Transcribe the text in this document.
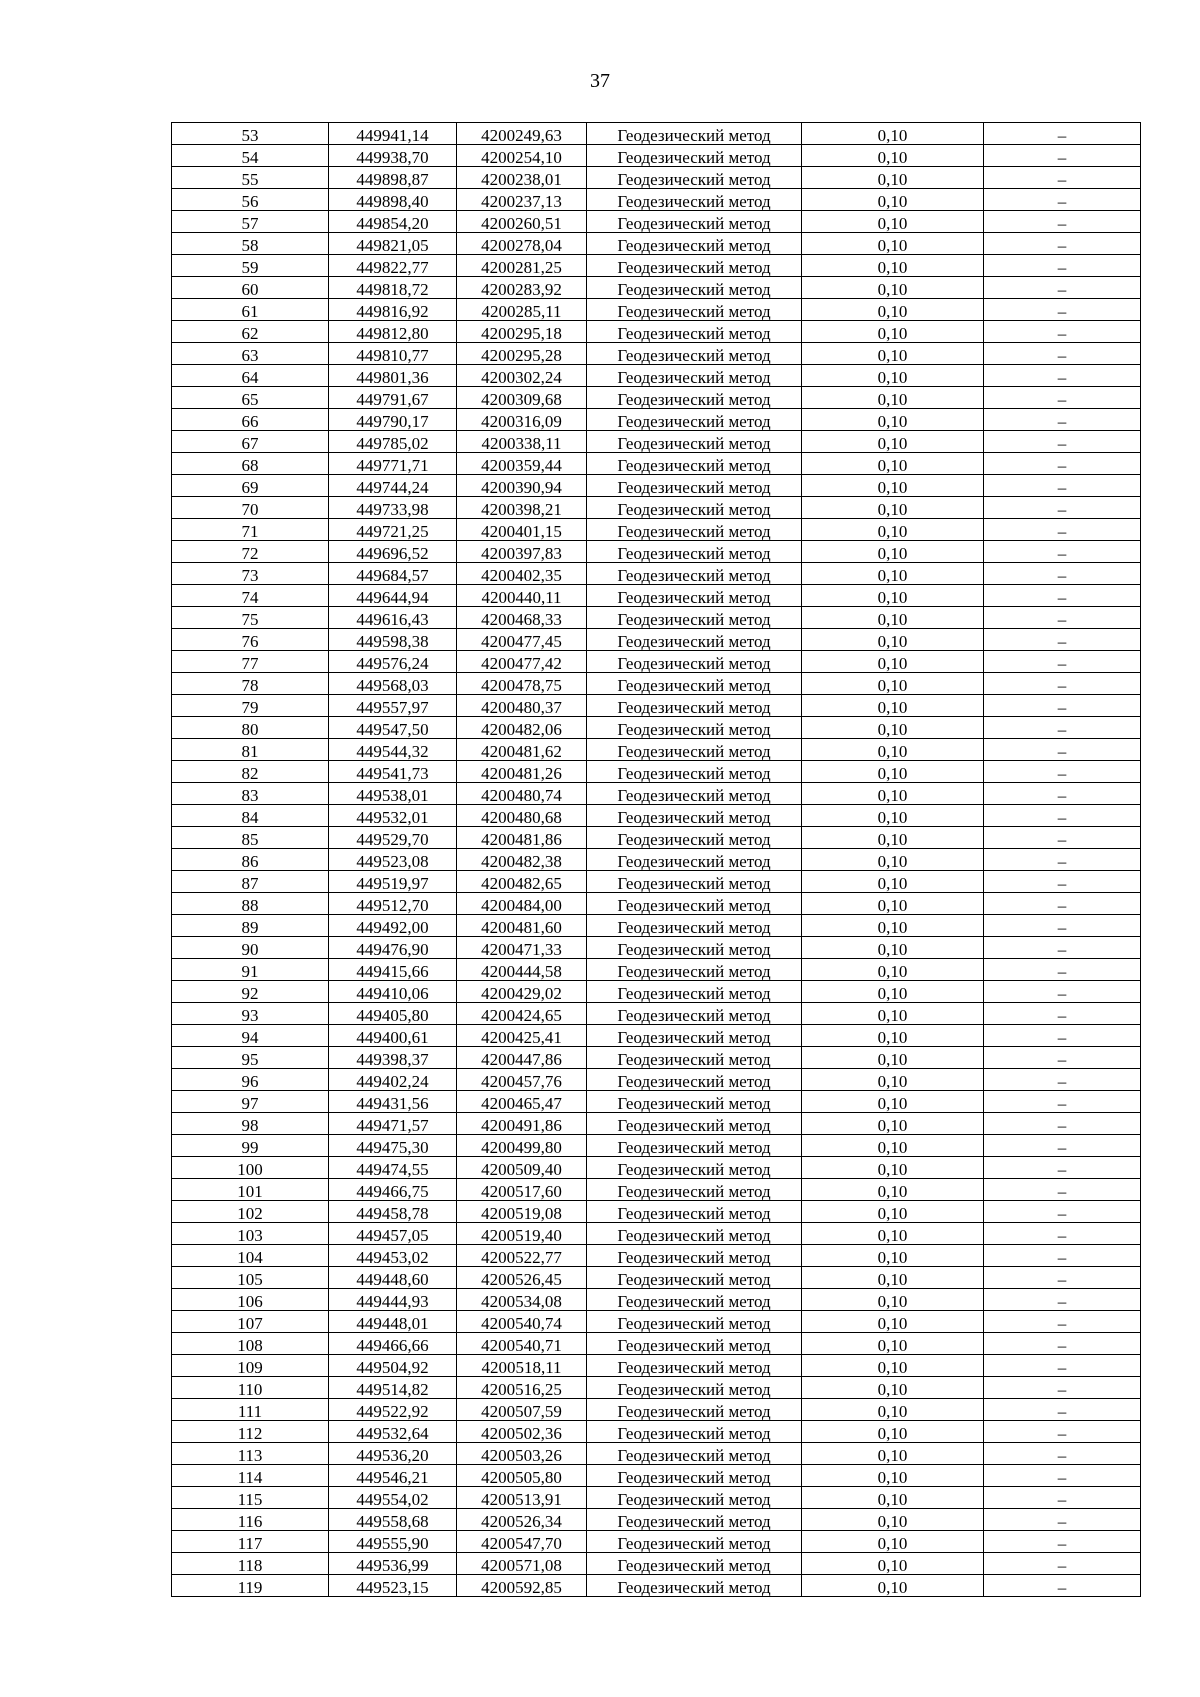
37
53	449941,14	4200249,63	Геодезический метод	0,10	–
54	449938,70	4200254,10	Геодезический метод	0,10	–
55	449898,87	4200238,01	Геодезический метод	0,10	–
56	449898,40	4200237,13	Геодезический метод	0,10	–
57	449854,20	4200260,51	Геодезический метод	0,10	–
58	449821,05	4200278,04	Геодезический метод	0,10	–
59	449822,77	4200281,25	Геодезический метод	0,10	–
60	449818,72	4200283,92	Геодезический метод	0,10	–
61	449816,92	4200285,11	Геодезический метод	0,10	–
62	449812,80	4200295,18	Геодезический метод	0,10	–
63	449810,77	4200295,28	Геодезический метод	0,10	–
64	449801,36	4200302,24	Геодезический метод	0,10	–
65	449791,67	4200309,68	Геодезический метод	0,10	–
66	449790,17	4200316,09	Геодезический метод	0,10	–
67	449785,02	4200338,11	Геодезический метод	0,10	–
68	449771,71	4200359,44	Геодезический метод	0,10	–
69	449744,24	4200390,94	Геодезический метод	0,10	–
70	449733,98	4200398,21	Геодезический метод	0,10	–
71	449721,25	4200401,15	Геодезический метод	0,10	–
72	449696,52	4200397,83	Геодезический метод	0,10	–
73	449684,57	4200402,35	Геодезический метод	0,10	–
74	449644,94	4200440,11	Геодезический метод	0,10	–
75	449616,43	4200468,33	Геодезический метод	0,10	–
76	449598,38	4200477,45	Геодезический метод	0,10	–
77	449576,24	4200477,42	Геодезический метод	0,10	–
78	449568,03	4200478,75	Геодезический метод	0,10	–
79	449557,97	4200480,37	Геодезический метод	0,10	–
80	449547,50	4200482,06	Геодезический метод	0,10	–
81	449544,32	4200481,62	Геодезический метод	0,10	–
82	449541,73	4200481,26	Геодезический метод	0,10	–
83	449538,01	4200480,74	Геодезический метод	0,10	–
84	449532,01	4200480,68	Геодезический метод	0,10	–
85	449529,70	4200481,86	Геодезический метод	0,10	–
86	449523,08	4200482,38	Геодезический метод	0,10	–
87	449519,97	4200482,65	Геодезический метод	0,10	–
88	449512,70	4200484,00	Геодезический метод	0,10	–
89	449492,00	4200481,60	Геодезический метод	0,10	–
90	449476,90	4200471,33	Геодезический метод	0,10	–
91	449415,66	4200444,58	Геодезический метод	0,10	–
92	449410,06	4200429,02	Геодезический метод	0,10	–
93	449405,80	4200424,65	Геодезический метод	0,10	–
94	449400,61	4200425,41	Геодезический метод	0,10	–
95	449398,37	4200447,86	Геодезический метод	0,10	–
96	449402,24	4200457,76	Геодезический метод	0,10	–
97	449431,56	4200465,47	Геодезический метод	0,10	–
98	449471,57	4200491,86	Геодезический метод	0,10	–
99	449475,30	4200499,80	Геодезический метод	0,10	–
100	449474,55	4200509,40	Геодезический метод	0,10	–
101	449466,75	4200517,60	Геодезический метод	0,10	–
102	449458,78	4200519,08	Геодезический метод	0,10	–
103	449457,05	4200519,40	Геодезический метод	0,10	–
104	449453,02	4200522,77	Геодезический метод	0,10	–
105	449448,60	4200526,45	Геодезический метод	0,10	–
106	449444,93	4200534,08	Геодезический метод	0,10	–
107	449448,01	4200540,74	Геодезический метод	0,10	–
108	449466,66	4200540,71	Геодезический метод	0,10	–
109	449504,92	4200518,11	Геодезический метод	0,10	–
110	449514,82	4200516,25	Геодезический метод	0,10	–
111	449522,92	4200507,59	Геодезический метод	0,10	–
112	449532,64	4200502,36	Геодезический метод	0,10	–
113	449536,20	4200503,26	Геодезический метод	0,10	–
114	449546,21	4200505,80	Геодезический метод	0,10	–
115	449554,02	4200513,91	Геодезический метод	0,10	–
116	449558,68	4200526,34	Геодезический метод	0,10	–
117	449555,90	4200547,70	Геодезический метод	0,10	–
118	449536,99	4200571,08	Геодезический метод	0,10	–
119	449523,15	4200592,85	Геодезический метод	0,10	–
